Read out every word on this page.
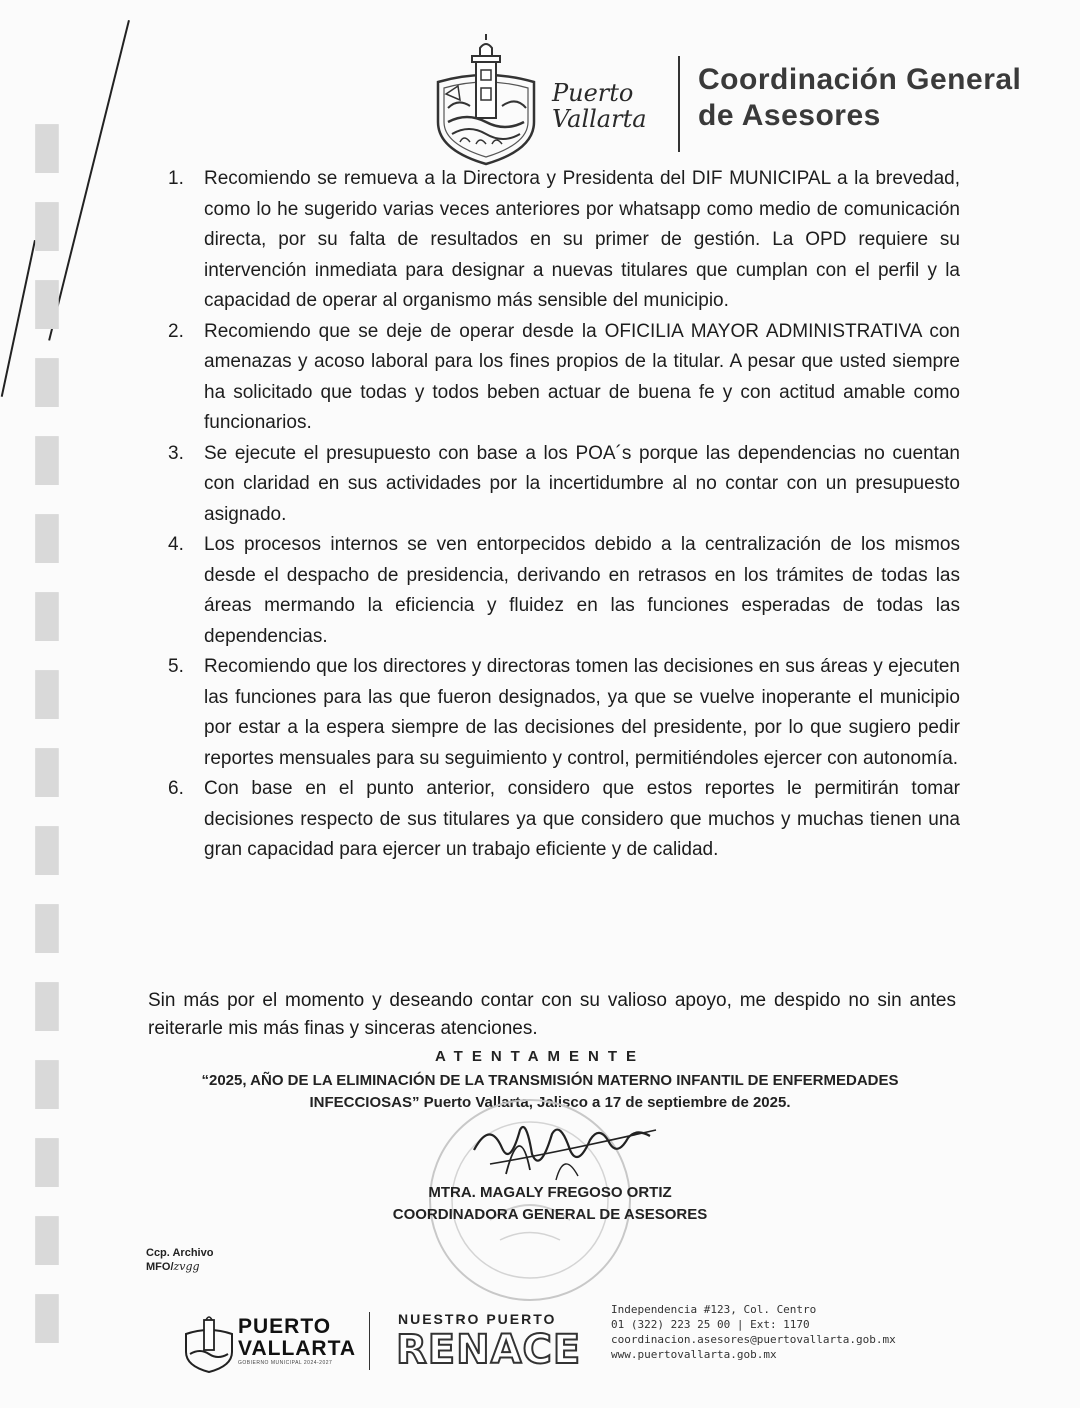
▮▮▮▮▮▮▮▮▮▮▮▮▮▮▮▮
Puerto
Vallarta
Coordinación General
de Asesores
1. Recomiendo se remueva a la Directora y Presidenta del DIF MUNICIPAL a la brevedad, como lo he sugerido varias veces anteriores por whatsapp como medio de comunicación directa, por su falta de resultados en su primer de gestión. La OPD requiere su intervención inmediata para designar a nuevas titulares que cumplan con el perfil y la capacidad de operar al organismo más sensible del municipio.
2. Recomiendo que se deje de operar desde la OFICILIA MAYOR ADMINISTRATIVA con amenazas y acoso laboral para los fines propios de la titular. A pesar que usted siempre ha solicitado que todas y todos beben actuar de buena fe y con actitud amable como funcionarios.
3. Se ejecute el presupuesto con base a los POA´s porque las dependencias no cuentan con claridad en sus actividades por la incertidumbre al no contar con un presupuesto asignado.
4. Los procesos internos se ven entorpecidos debido a la centralización de los mismos desde el despacho de presidencia, derivando en retrasos en los trámites de todas las áreas mermando la eficiencia y fluidez en las funciones esperadas de todas las dependencias.
5. Recomiendo que los directores y directoras tomen las decisiones en sus áreas y ejecuten las funciones para las que fueron designados, ya que se vuelve inoperante el municipio por estar a la espera siempre de las decisiones del presidente, por lo que sugiero pedir reportes mensuales para su seguimiento y control, permitiéndoles ejercer con autonomía.
6. Con base en el punto anterior, considero que estos reportes le permitirán tomar decisiones respecto de sus titulares ya que considero que muchos y muchas tienen una gran capacidad para ejercer un trabajo eficiente y de calidad.

Sin más por el momento y deseando contar con su valioso apoyo, me despido no sin antes reiterarle mis más finas y sinceras atenciones.

ATENTAMENTE
“2025, AÑO DE LA ELIMINACIÓN DE LA TRANSMISIÓN MATERNO INFANTIL DE ENFERMEDADES INFECCIOSAS” Puerto Vallarta, Jalisco a 17 de septiembre de 2025.
MTRA. MAGALY FREGOSO ORTIZ
COORDINADORA GENERAL DE ASESORES
Ccp. Archivo
MFO/zvgg
PUERTO
VALLARTA
GOBIERNO MUNICIPAL 2024-2027
NUESTRO PUERTO
RENACE
Independencia #123, Col. Centro
01 (322) 223 25 00 | Ext: 1170
coordinacion.asesores@puertovallarta.gob.mx
www.puertovallarta.gob.mx
